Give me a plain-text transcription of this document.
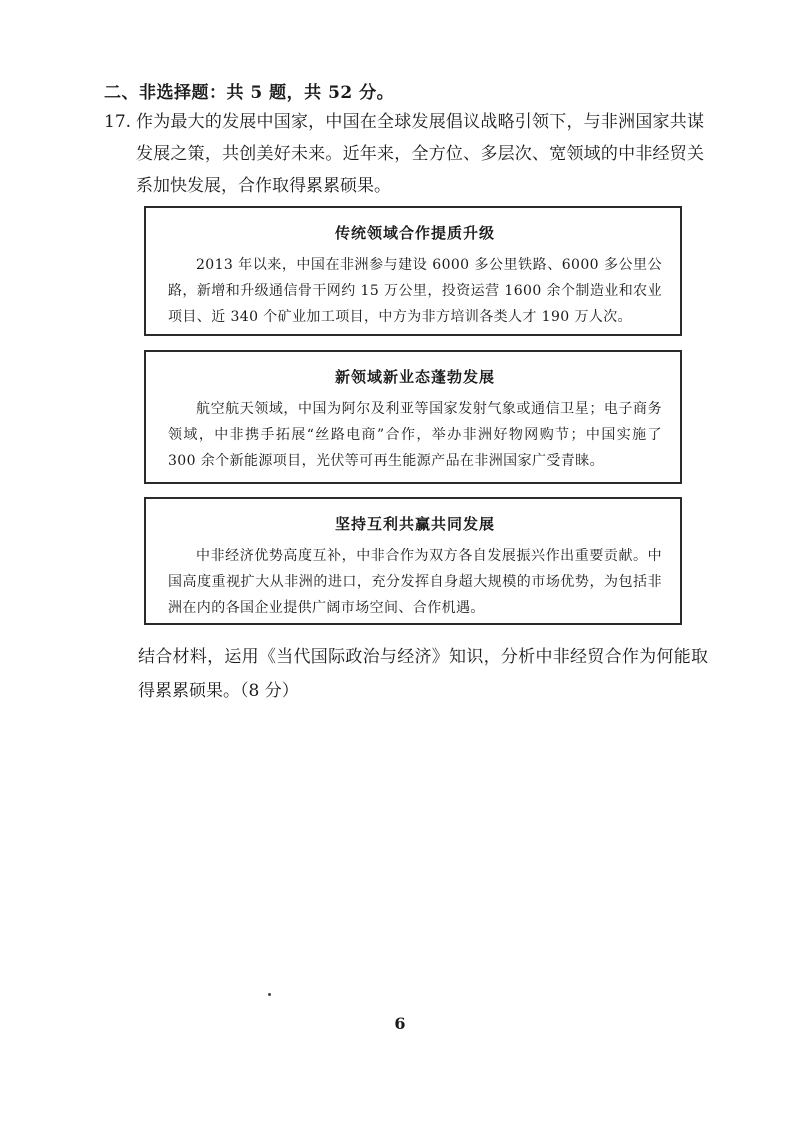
二、非选择题：共 5 题，共 52 分。
17. 作为最大的发展中国家，中国在全球发展倡议战略引领下，与非洲国家共谋发展之策，共创美好未来。近年来，全方位、多层次、宽领域的中非经贸关系加快发展，合作取得累累硕果。
传统领域合作提质升级
2013 年以来，中国在非洲参与建设 6000 多公里铁路、6000 多公里公路，新增和升级通信骨干网约 15 万公里，投资运营 1600 余个制造业和农业项目、近 340 个矿业加工项目，中方为非方培训各类人才 190 万人次。
新领域新业态蓬勃发展
航空航天领域，中国为阿尔及利亚等国家发射气象或通信卫星；电子商务领域，中非携手拓展“丝路电商”合作，举办非洲好物网购节；中国实施了 300 余个新能源项目，光伏等可再生能源产品在非洲国家广受青睐。
坚持互利共赢共同发展
中非经济优势高度互补，中非合作为双方各自发展振兴作出重要贡献。中国高度重视扩大从非洲的进口，充分发挥自身超大规模的市场优势，为包括非洲在内的各国企业提供广阔市场空间、合作机遇。
结合材料，运用《当代国际政治与经济》知识，分析中非经贸合作为何能取得累累硕果。（8 分）
6
